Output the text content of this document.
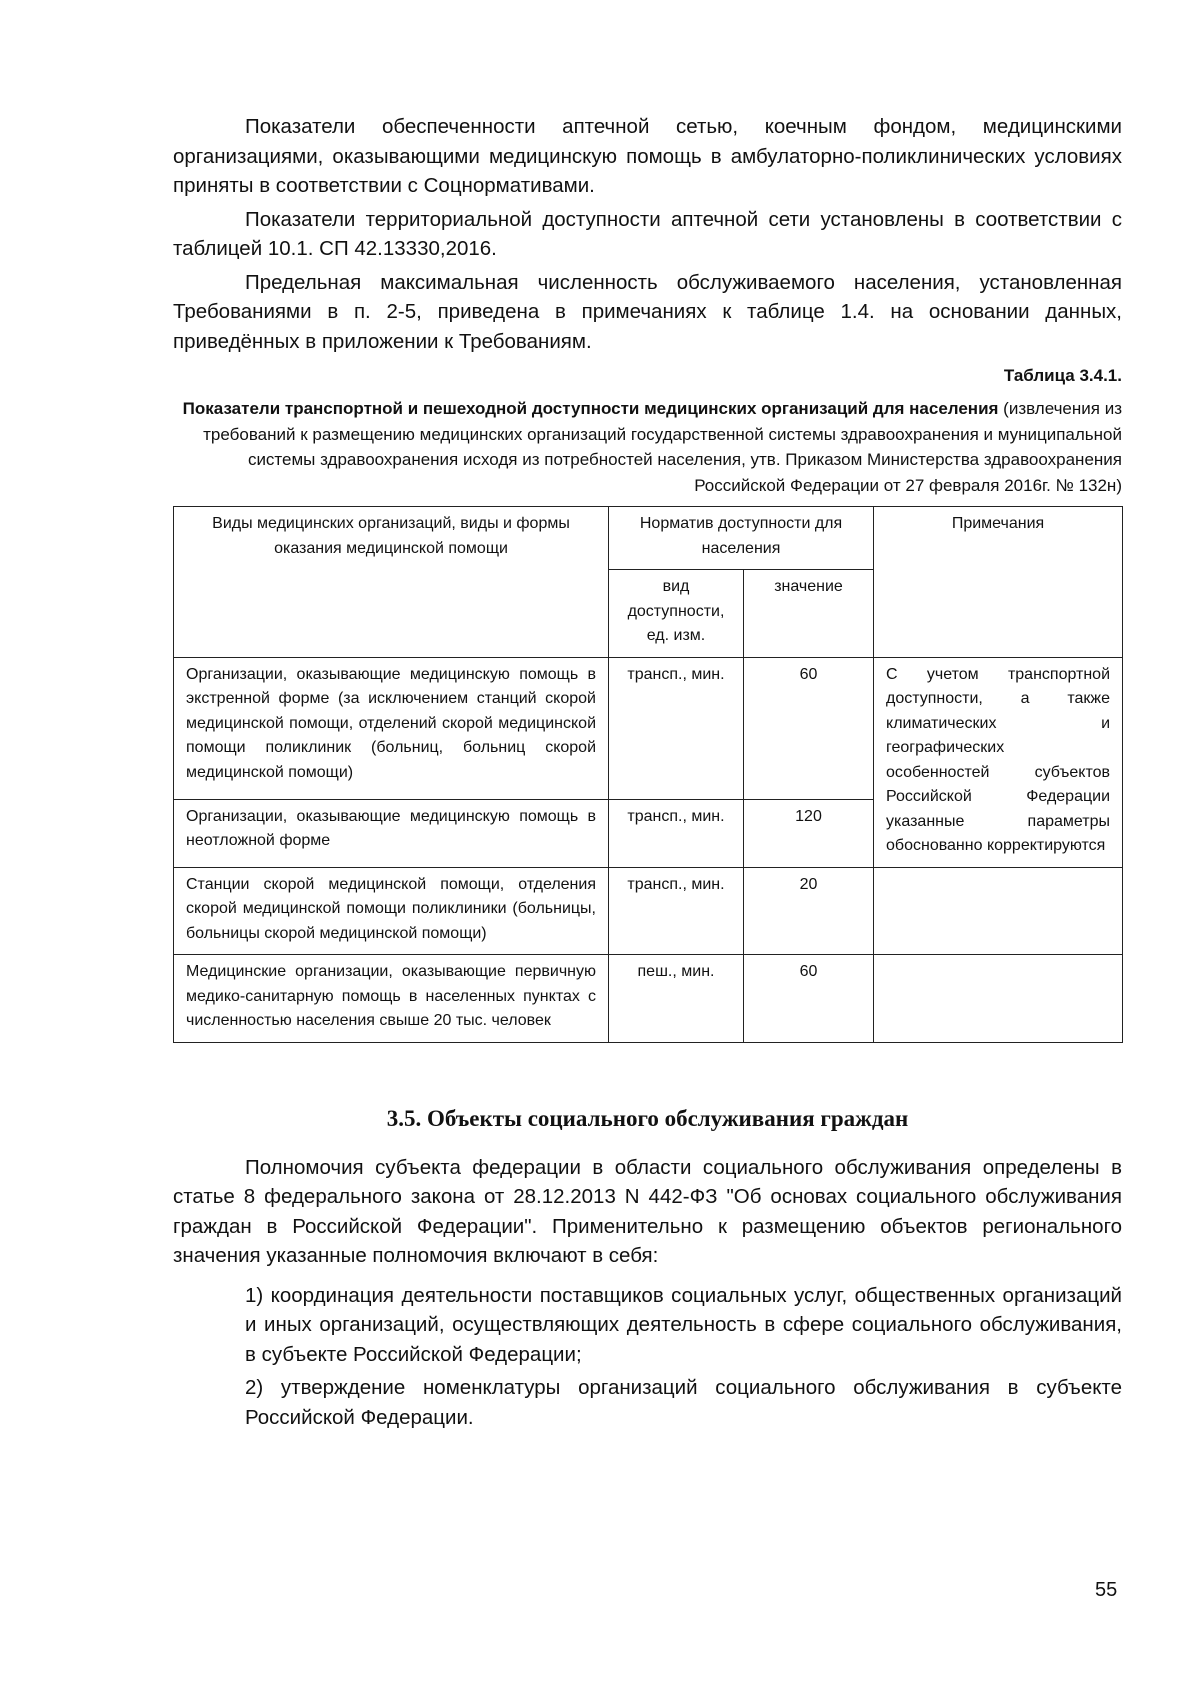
Показатели обеспеченности аптечной сетью, коечным фондом, медицинскими организациями, оказывающими медицинскую помощь в амбулаторно-поликлинических условиях приняты в соответствии с Соцнормативами.

Показатели территориальной доступности аптечной сети установлены в соответствии с таблицей 10.1. СП 42.13330,2016.

Предельная максимальная численность обслуживаемого населения, установленная Требованиями в п. 2-5, приведена в примечаниях к таблице 1.4. на основании данных, приведённых в приложении к Требованиям.

Таблица 3.4.1.
Показатели транспортной и пешеходной доступности медицинских организаций для населения (извлечения из требований к размещению медицинских организаций государственной системы здравоохранения и муниципальной системы здравоохранения исходя из потребностей населения, утв. Приказом Министерства здравоохранения Российской Федерации от 27 февраля 2016г. № 132н)
Виды медицинских организаций, виды и формы оказания медицинской помощи	Норматив доступности для населения		Примечания
	вид доступности, ед. изм.	значение	
Организации, оказывающие медицинскую помощь в экстренной форме (за исключением станций скорой медицинской помощи, отделений скорой медицинской помощи поликлиник (больниц, больниц скорой медицинской помощи)	трансп., мин.	60	С учетом транспортной доступности, а также климатических и географических особенностей субъектов Российской Федерации указанные параметры обоснованно корректируются
Организации, оказывающие медицинскую помощь в неотложной форме	трансп., мин.	120	
Станции скорой медицинской помощи, отделения скорой медицинской помощи поликлиники (больницы, больницы скорой медицинской помощи)	трансп., мин.	20	
Медицинские организации, оказывающие первичную медико-санитарную помощь в населенных пунктах с численностью населения свыше 20 тыс. человек	пеш., мин.	60	
3.5. Объекты социального обслуживания граждан

Полномочия субъекта федерации в области социального обслуживания определены в статье 8 федерального закона от 28.12.2013 N 442-ФЗ "Об основах социального обслуживания граждан в Российской Федерации". Применительно к размещению объектов регионального значения указанные полномочия включают в себя:

1) координация деятельности поставщиков социальных услуг, общественных организаций и иных организаций, осуществляющих деятельность в сфере социального обслуживания, в субъекте Российской Федерации;

2) утверждение номенклатуры организаций социального обслуживания в субъекте Российской Федерации.

55
